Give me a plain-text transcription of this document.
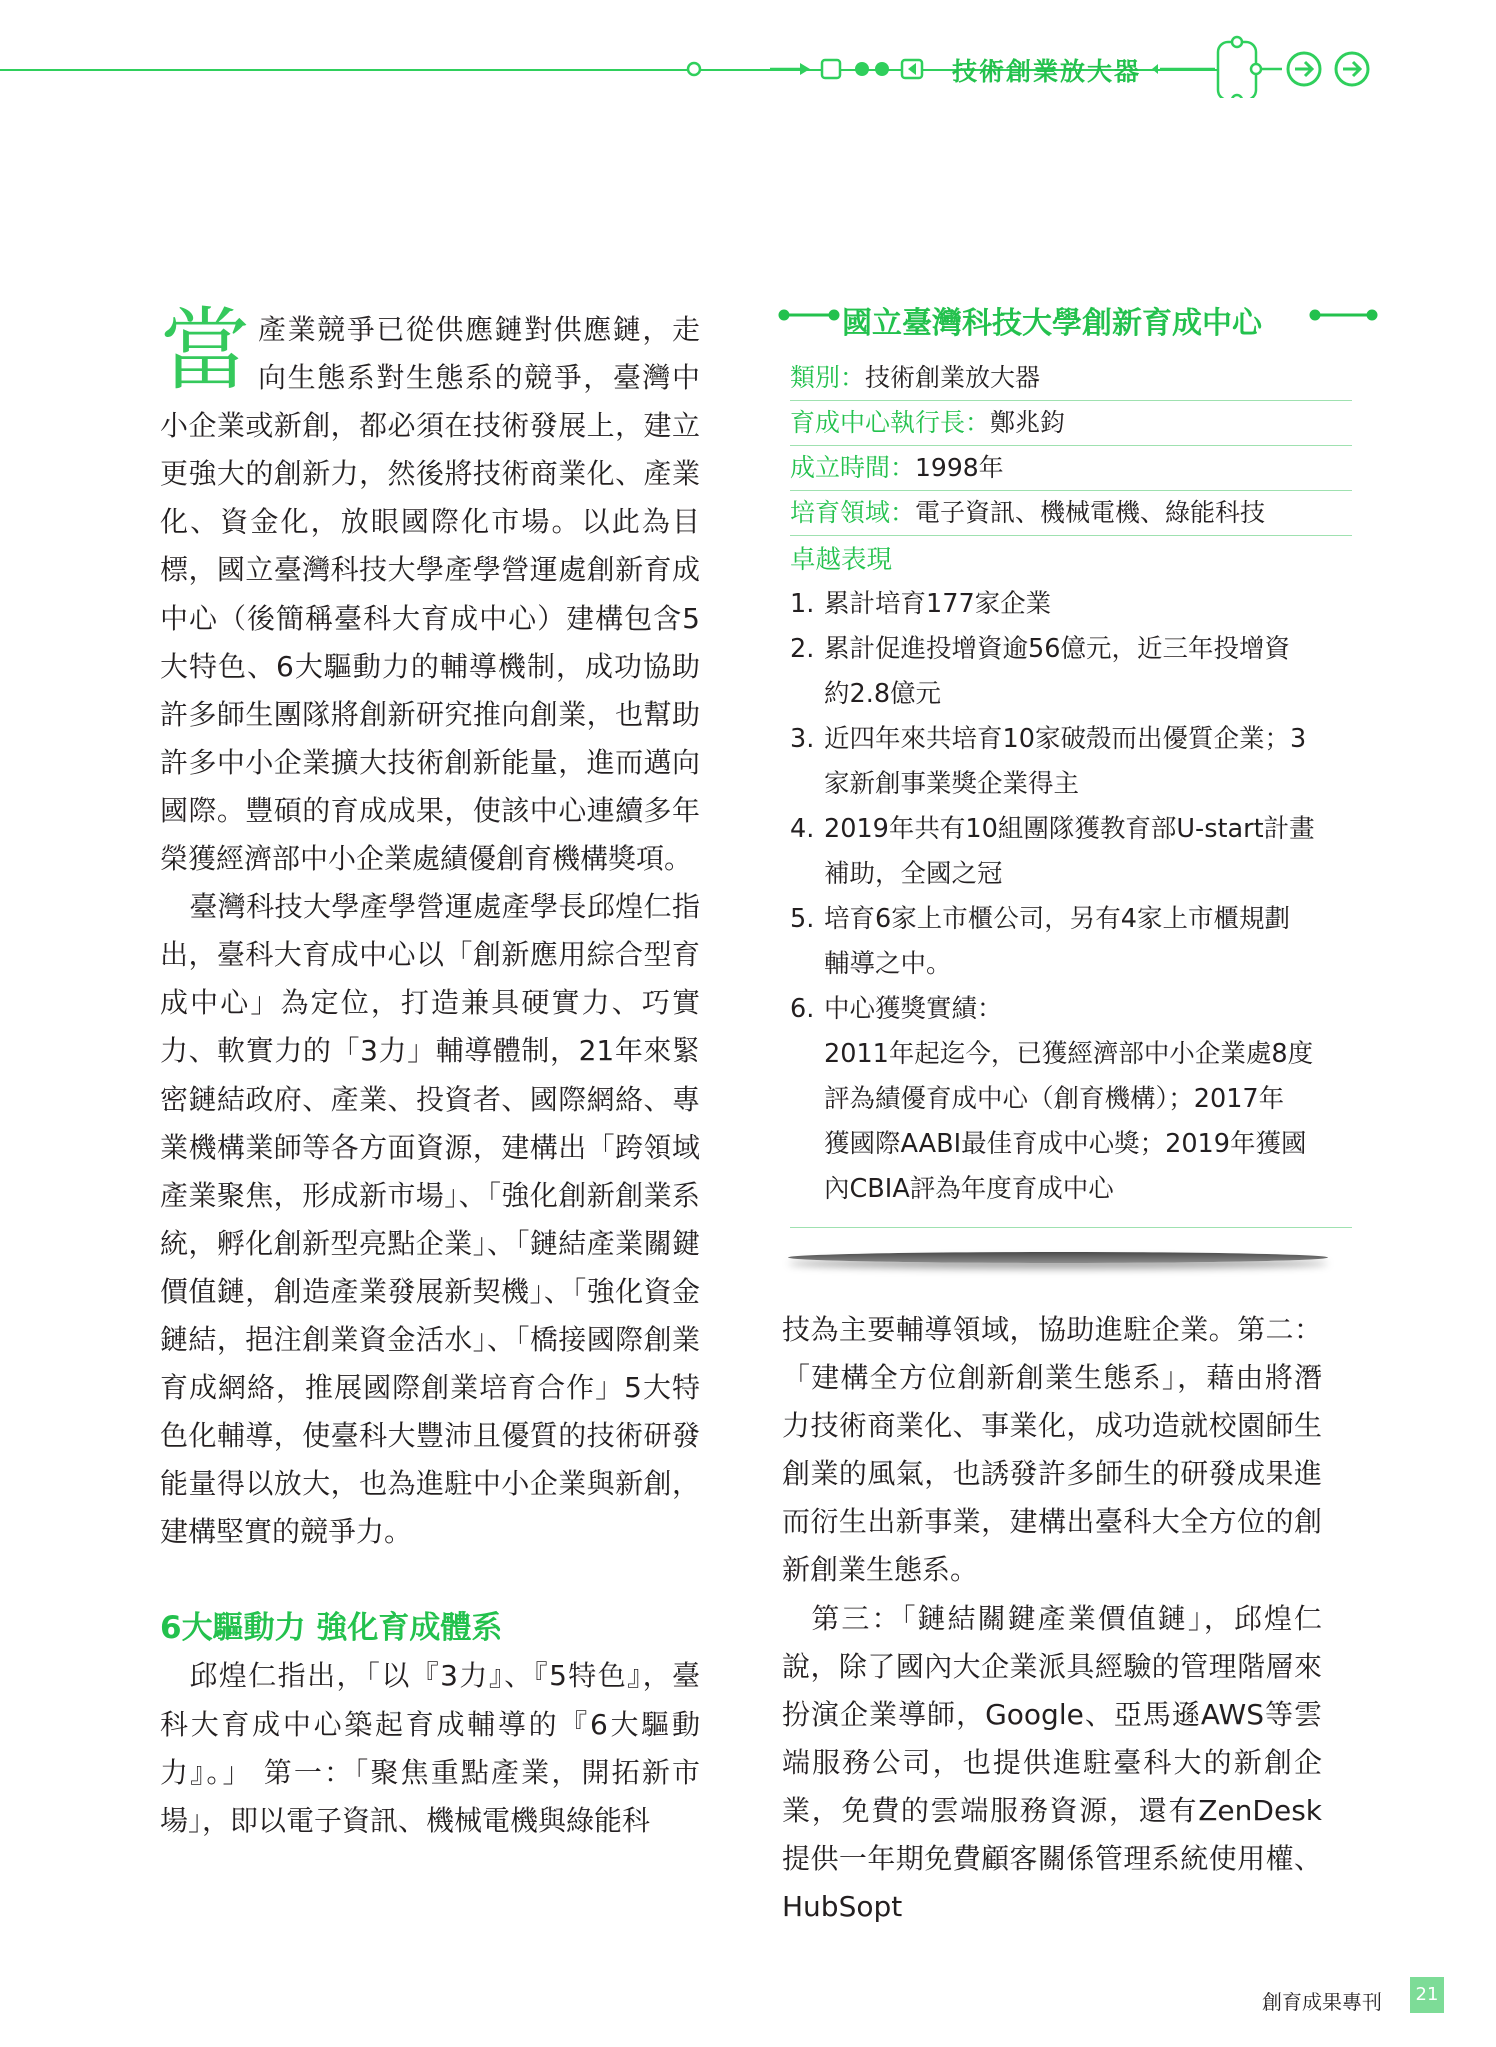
技術創業放大器

當產業競爭已從供應鏈對供應鏈，走向生態系對生態系的競爭，臺灣中小企業或新創，都必須在技術發展上，建立更強大的創新力，然後將技術商業化、產業化、資金化，放眼國際化市場。以此為目標，國立臺灣科技大學產學營運處創新育成中心（後簡稱臺科大育成中心）建構包含5大特色、6大驅動力的輔導機制，成功協助許多師生團隊將創新研究推向創業，也幫助許多中小企業擴大技術創新能量，進而邁向國際。豐碩的育成成果，使該中心連續多年榮獲經濟部中小企業處績優創育機構獎項。

臺灣科技大學產學營運處產學長邱煌仁指出，臺科大育成中心以「創新應用綜合型育成中心」為定位，打造兼具硬實力、巧實力、軟實力的「3力」輔導體制，21年來緊密鏈結政府、產業、投資者、國際網絡、專業機構業師等各方面資源，建構出「跨領域產業聚焦，形成新市場」、「強化創新創業系統，孵化創新型亮點企業」、「鏈結產業關鍵價值鏈，創造產業發展新契機」、「強化資金鏈結，挹注創業資金活水」、「橋接國際創業育成網絡，推展國際創業培育合作」5大特色化輔導，使臺科大豐沛且優質的技術研發能量得以放大，也為進駐中小企業與新創，建構堅實的競爭力。

6大驅動力 強化育成體系

邱煌仁指出，「以『3力』、『5特色』，臺科大育成中心築起育成輔導的『6大驅動力』。」 第一：「聚焦重點產業，開拓新市場」，即以電子資訊、機械電機與綠能科

國立臺灣科技大學創新育成中心
類別：技術創業放大器
育成中心執行長：鄭兆鈞
成立時間：1998年
培育領域：電子資訊、機械電機、綠能科技
卓越表現
1. 累計培育177家企業
2. 累計促進投增資逾56億元，近三年投增資
約2.8億元
3. 近四年來共培育10家破殼而出優質企業；3
家新創事業獎企業得主
4. 2019年共有10組團隊獲教育部U-start計畫
補助，全國之冠
5. 培育6家上市櫃公司，另有4家上市櫃規劃
輔導之中。
6. 中心獲獎實績：
2011年起迄今，已獲經濟部中小企業處8度
評為績優育成中心（創育機構）；2017年
獲國際AABI最佳育成中心獎；2019年獲國
內CBIA評為年度育成中心

技為主要輔導領域，協助進駐企業。第二：「建構全方位創新創業生態系」，藉由將潛力技術商業化、事業化，成功造就校園師生創業的風氣，也誘發許多師生的研發成果進而衍生出新事業，建構出臺科大全方位的創新創業生態系。

第三：「鏈結關鍵產業價值鏈」，邱煌仁說，除了國內大企業派具經驗的管理階層來扮演企業導師，Google、亞馬遜AWS等雲端服務公司，也提供進駐臺科大的新創企業，免費的雲端服務資源，還有ZenDesk提供一年期免費顧客關係管理系統使用權、HubSopt

創育成果專刊	21
